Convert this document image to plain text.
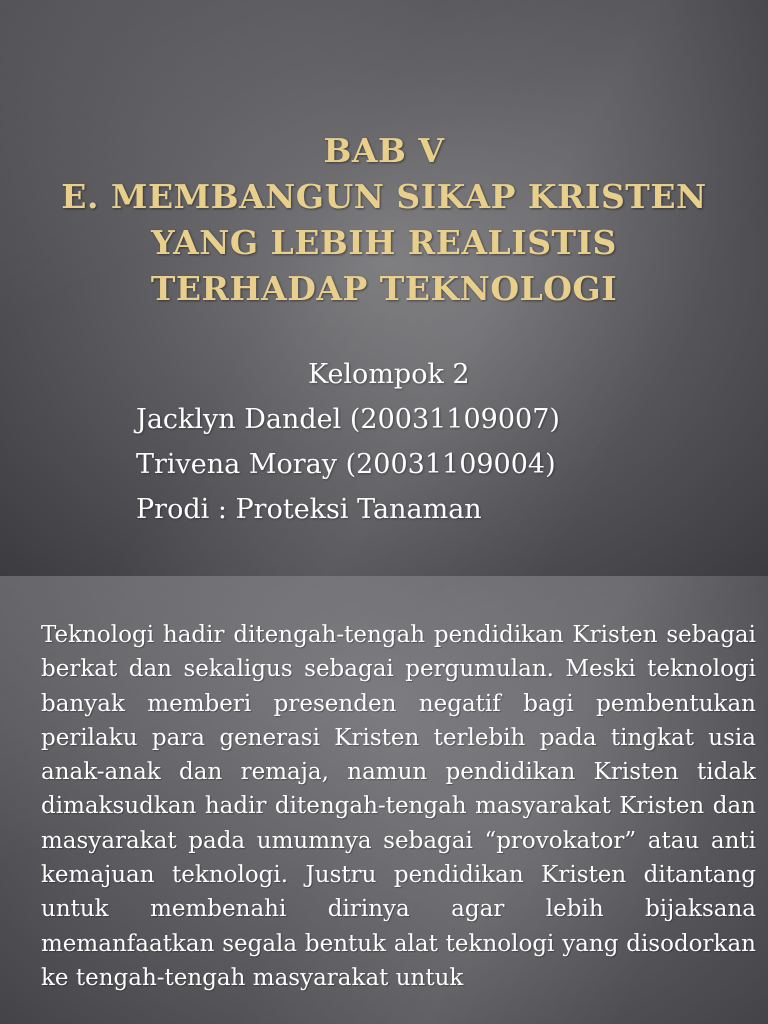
BAB V
E. MEMBANGUN SIKAP KRISTEN
YANG LEBIH REALISTIS
TERHADAP TEKNOLOGI
Kelompok 2
Jacklyn Dandel (20031109007)
Trivena Moray (20031109004)
Prodi : Proteksi Tanaman

Teknologi hadir ditengah-tengah pendidikan Kristen sebagai berkat dan sekaligus sebagai pergumulan. Meski teknologi banyak memberi presenden negatif bagi pembentukan perilaku para generasi Kristen terlebih pada tingkat usia anak-anak dan remaja, namun pendidikan Kristen tidak dimaksudkan hadir ditengah-tengah masyarakat Kristen dan masyarakat pada umumnya sebagai “provokator” atau anti kemajuan teknologi. Justru pendidikan Kristen ditantang untuk membenahi dirinya agar lebih bijaksana memanfaatkan segala bentuk alat teknologi yang disodorkan ke tengah-tengah masyarakat untuk
